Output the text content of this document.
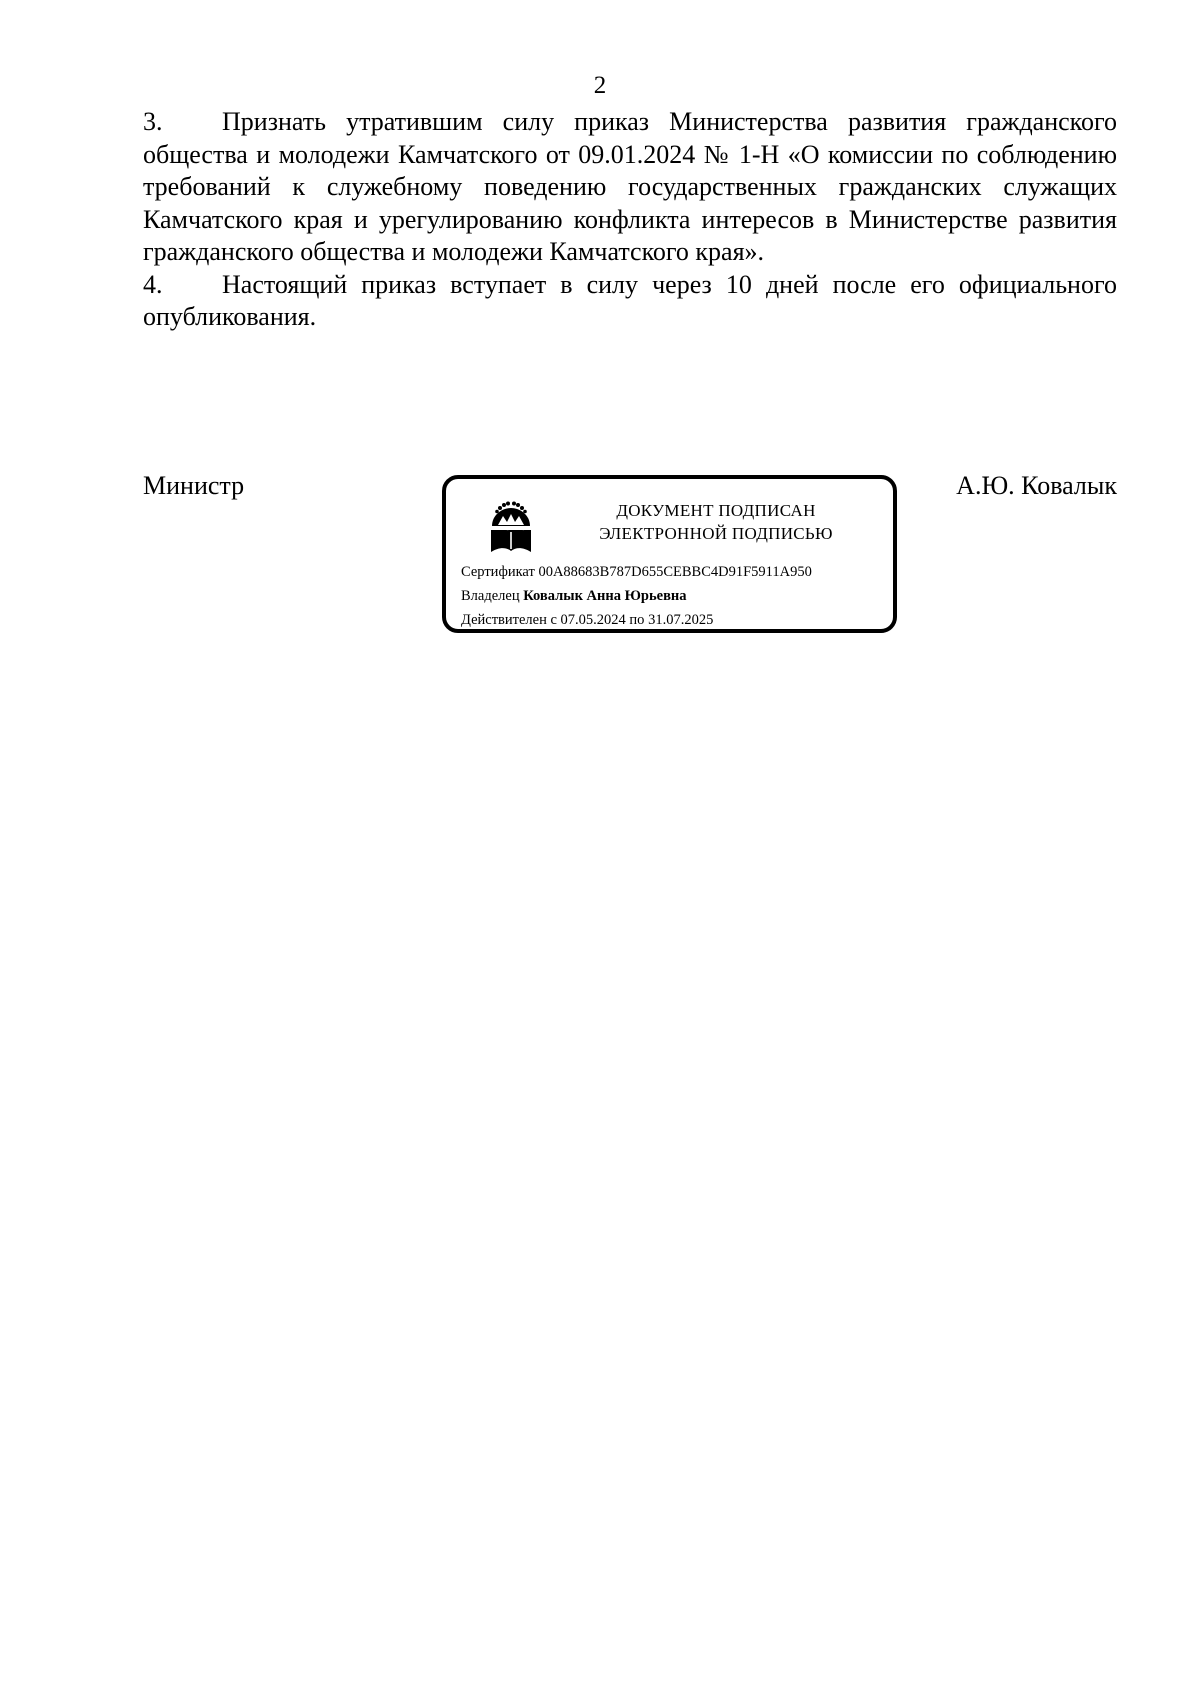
2

3. Признать утратившим силу приказ Министерства развития гражданского общества и молодежи Камчатского от 09.01.2024 № 1-Н «О комиссии по соблюдению требований к служебному поведению государственных гражданских служащих Камчатского края и урегулированию конфликта интересов в Министерстве развития гражданского общества и молодежи Камчатского края».

4. Настоящий приказ вступает в силу через 10 дней после его официального опубликования.

Министр
ДОКУМЕНТ ПОДПИСАН
ЭЛЕКТРОННОЙ ПОДПИСЬЮ
Сертификат 00A88683B787D655CEBBC4D91F5911A950
Владелец Ковалык Анна Юрьевна
Действителен с 07.05.2024 по 31.07.2025
А.Ю. Ковалык
